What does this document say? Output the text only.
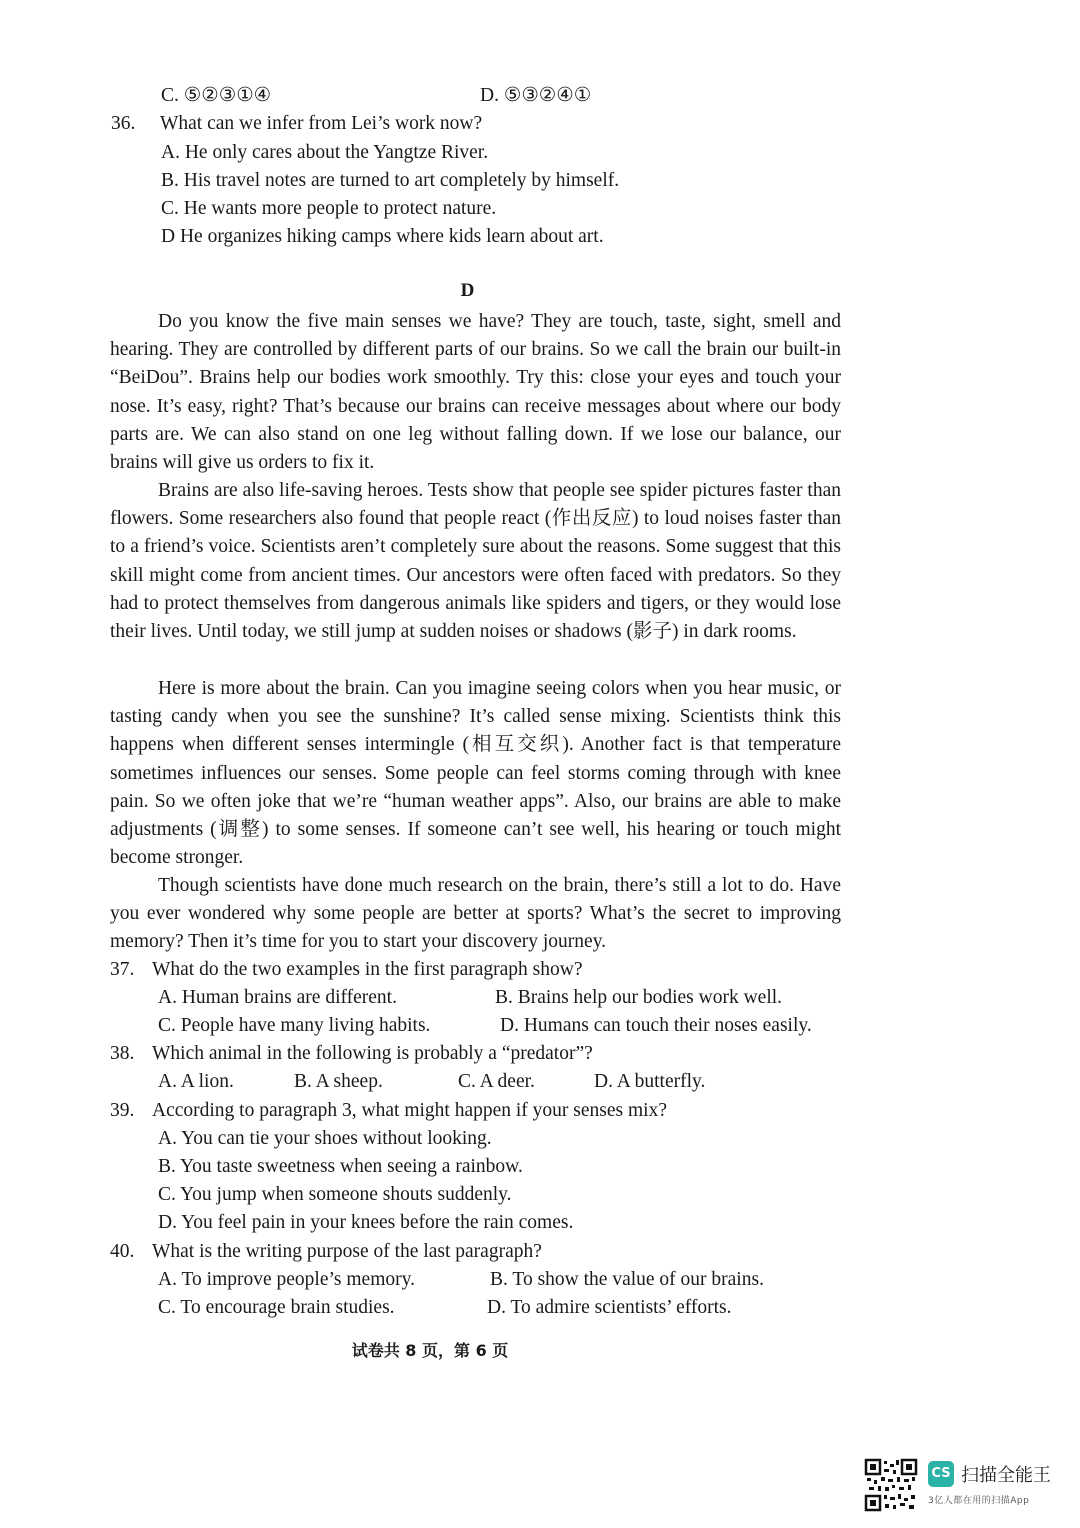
C. ⑤②③①④	D. ⑤③②④①
36. What can we infer from Lei’s work now?
A. He only cares about the Yangtze River.
B. His travel notes are turned to art completely by himself.
C. He wants more people to protect nature.
D He organizes hiking camps where kids learn about art.
D

Do you know the five main senses we have? They are touch, taste, sight, smell and hearing. They are controlled by different parts of our brains. So we call the brain our built-in “BeiDou”. Brains help our bodies work smoothly. Try this: close your eyes and touch your nose. It’s easy, right? That’s because our brains can receive messages about where our body parts are. We can also stand on one leg without falling down. If we lose our balance, our brains will give us orders to fix it.

Brains are also life-saving heroes. Tests show that people see spider pictures faster than flowers. Some researchers also found that people react (作出反应) to loud noises faster than to a friend’s voice. Scientists aren’t completely sure about the reasons. Some suggest that this skill might come from ancient times. Our ancestors were often faced with predators. So they had to protect themselves from dangerous animals like spiders and tigers, or they would lose their lives. Until today, we still jump at sudden noises or shadows (影子) in dark rooms.

Here is more about the brain. Can you imagine seeing colors when you hear music, or tasting candy when you see the sunshine? It’s called sense mixing. Scientists think this happens when different senses intermingle (相互交织). Another fact is that temperature sometimes influences our senses. Some people can feel storms coming through with knee pain. So we often joke that we’re “human weather apps”. Also, our brains are able to make adjustments (调整) to some senses. If someone can’t see well, his hearing or touch might become stronger.

Though scientists have done much research on the brain, there’s still a lot to do. Have you ever wondered why some people are better at sports? What’s the secret to improving memory? Then it’s time for you to start your discovery journey.

37. What do the two examples in the first paragraph show?
A. Human brains are different.	B. Brains help our bodies work well.
C. People have many living habits.	D. Humans can touch their noses easily.
38. Which animal in the following is probably a “predator”?
A. A lion.	B. A sheep.	C. A deer.	D. A butterfly.
39. According to paragraph 3, what might happen if your senses mix?
A. You can tie your shoes without looking.
B. You taste sweetness when seeing a rainbow.
C. You jump when someone shouts suddenly.
D. You feel pain in your knees before the rain comes.
40. What is the writing purpose of the last paragraph?
A. To improve people’s memory.	B. To show the value of our brains.
C. To encourage brain studies.	D. To admire scientists’ efforts.
试卷共 8 页，第 6 页
CS 扫描全能王
3亿人都在用的扫描App
